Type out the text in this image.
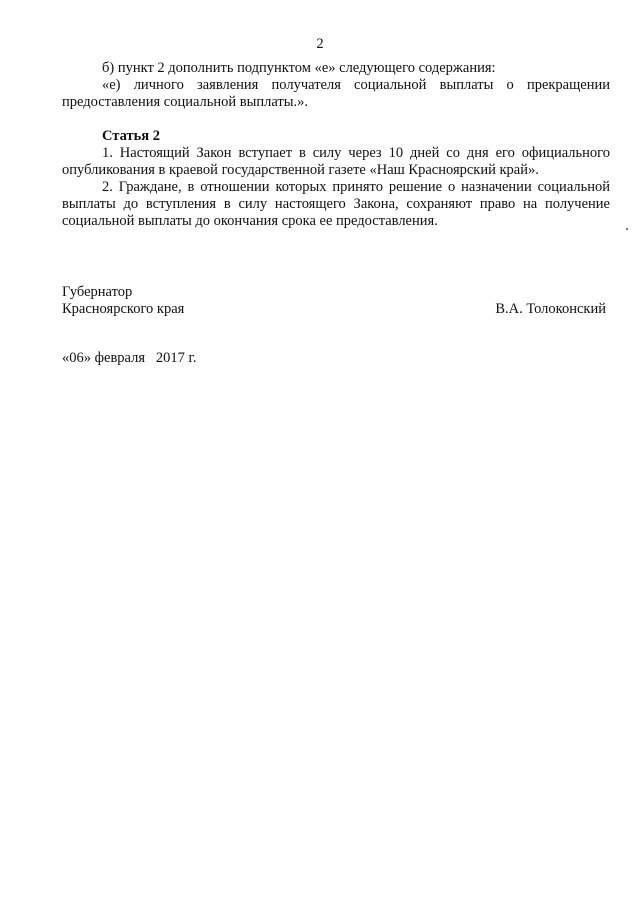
2

б) пункт 2 дополнить подпунктом «е» следующего содержания:

«е) личного заявления получателя социальной выплаты о прекращении предоставления социальной выплаты.».

Статья 2

1. Настоящий Закон вступает в силу через 10 дней со дня его официального опубликования в краевой государственной газете «Наш Красноярский край».

2. Граждане, в отношении которых принято решение о назначении социальной выплаты до вступления в силу настоящего Закона, сохраняют право на получение социальной выплаты до окончания срока ее предоставления.

Губернатор
Красноярского края	В.А. Толоконский
«06» февраля   2017 г.
